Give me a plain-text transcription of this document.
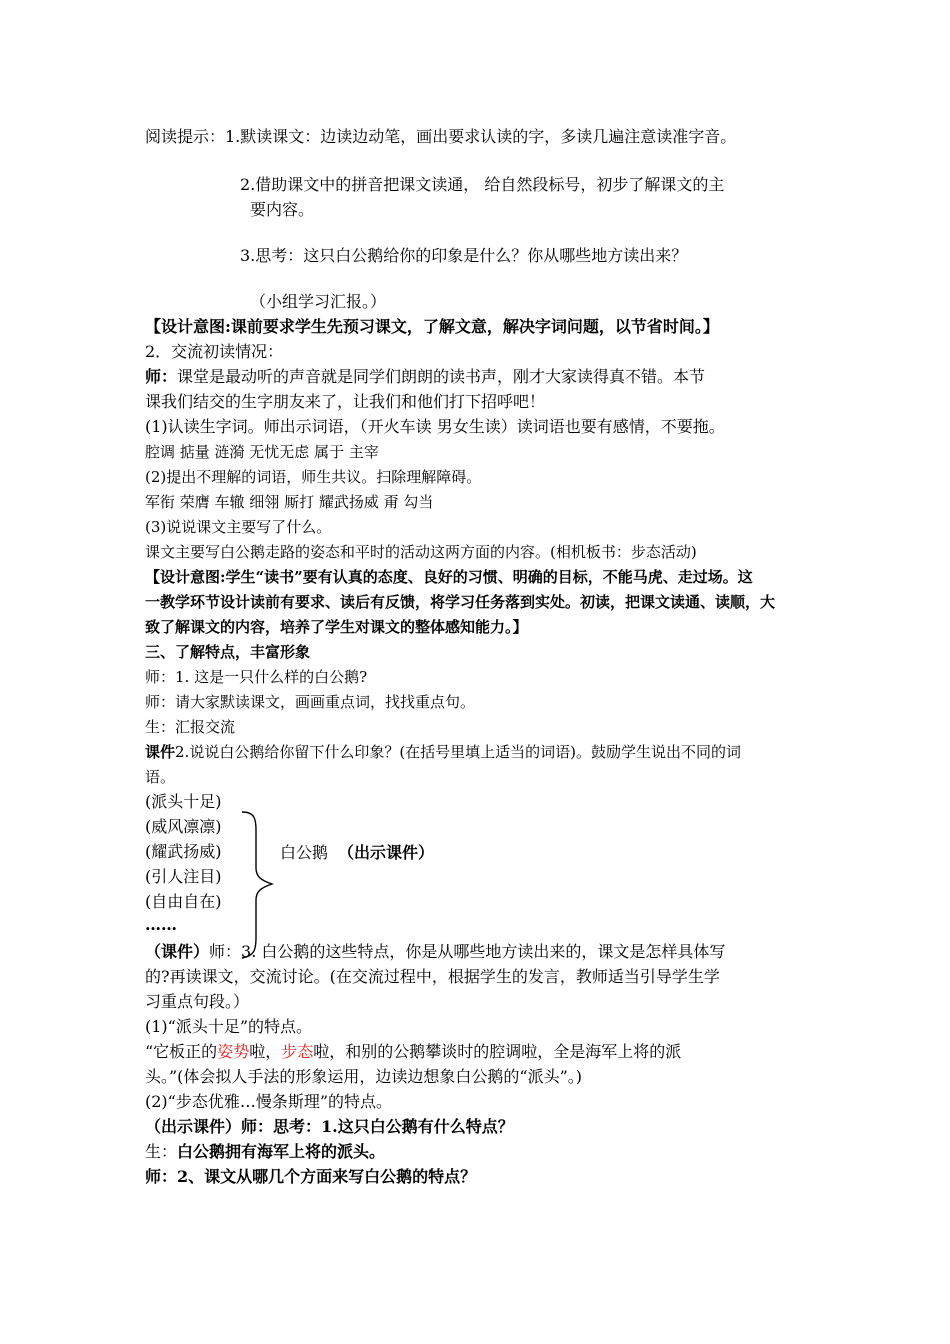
阅读提示：1.默读课文：边读边动笔，画出要求认读的字，多读几遍注意读准字音。
2.借助课文中的拼音把课文读通， 给自然段标号，初步了解课文的主
要内容。
3.思考：这只白公鹅给你的印象是什么？你从哪些地方读出来？
（小组学习汇报。）
【设计意图:课前要求学生先预习课文，了解文意，解决字词问题，以节省时间。】
2．交流初读情况：
师：课堂是最动听的声音就是同学们朗朗的读书声，刚才大家读得真不错。本节
课我们结交的生字朋友来了，让我们和他们打下招呼吧！
(1)认读生字词。师出示词语，（开火车读 男女生读）读词语也要有感情，不要拖。
腔调 掂量 涟漪 无忧无虑 属于 主宰
(2)提出不理解的词语，师生共议。扫除理解障碍。
军衔 荣膺 车辙 细翎 厮打 耀武扬威 甭 勾当
(3)说说课文主要写了什么。
课文主要写白公鹅走路的姿态和平时的活动这两方面的内容。(相机板书：步态活动)
【设计意图:学生“读书”要有认真的态度、良好的习惯、明确的目标，不能马虎、走过场。这
一教学环节设计读前有要求、读后有反馈，将学习任务落到实处。初读，把课文读通、读顺，大
致了解课文的内容，培养了学生对课文的整体感知能力。】
三、了解特点，丰富形象
师：1. 这是一只什么样的白公鹅?
师：请大家默读课文，画画重点词，找找重点句。
生：汇报交流
课件2.说说白公鹅给你留下什么印象？(在括号里填上适当的词语)。鼓励学生说出不同的词
语。
(派头十足)
(威风凛凛)
(耀武扬威)
(引人注目)
(自由自在)
……
白公鹅 （出示课件）
（课件）师：3. 白公鹅的这些特点，你是从哪些地方读出来的，课文是怎样具体写
的?再读课文，交流讨论。(在交流过程中，根据学生的发言，教师适当引导学生学
习重点句段。）
(1)“派头十足”的特点。
“它板正的姿势啦，步态啦，和别的公鹅攀谈时的腔调啦，全是海军上将的派
头。”(体会拟人手法的形象运用，边读边想象白公鹅的“派头”。)
(2)“步态优雅…慢条斯理”的特点。
（出示课件）师：思考：1.这只白公鹅有什么特点？
生：白公鹅拥有海军上将的派头。
师：2、课文从哪几个方面来写白公鹅的特点？
